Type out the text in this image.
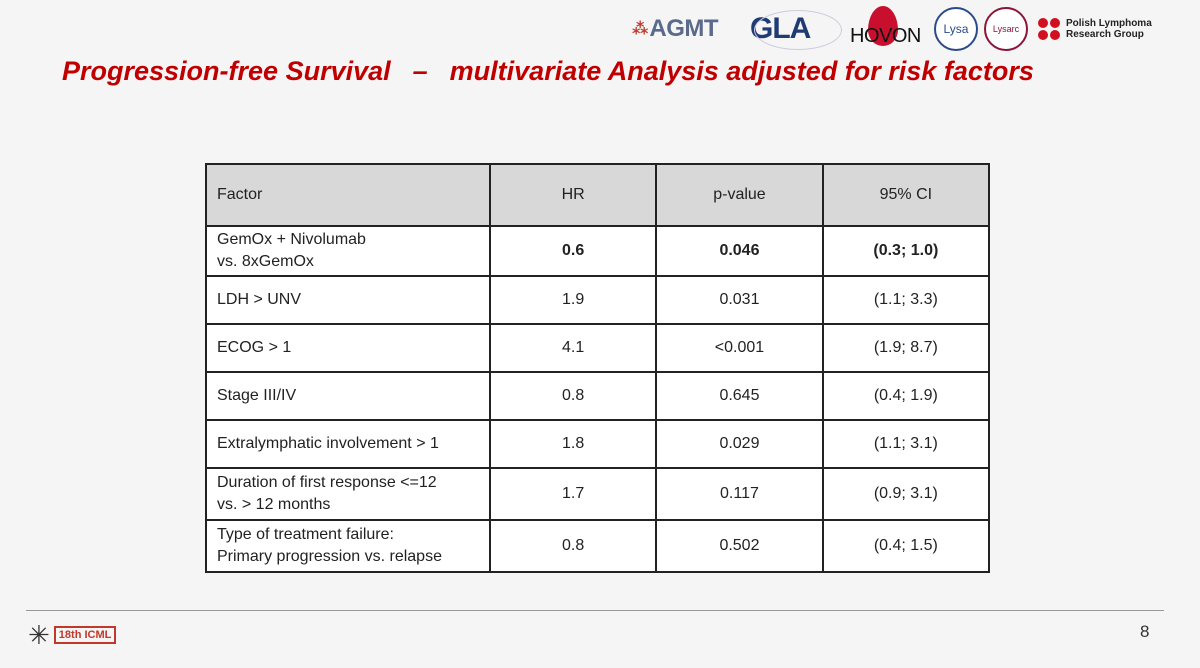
⁂ AGMT GLA HOVON Lysa	Lysarc	Polish Lymphoma Research Group
Progression-free Survival – multivariate Analysis adjusted for risk factors
Factor	HR	p-value	95% CI
GemOx + Nivolumab
vs. 8xGemOx	0.6	0.046	(0.3; 1.0)
LDH > UNV	1.9	0.031	(1.1; 3.3)
ECOG > 1	4.1	<0.001	(1.9; 8.7)
Stage III/IV	0.8	0.645	(0.4; 1.9)
Extralymphatic involvement > 1	1.8	0.029	(1.1; 3.1)
Duration of first response <=12
vs. > 12 months	1.7	0.117	(0.9; 3.1)
Type of treatment failure:
Primary progression vs. relapse	0.8	0.502	(0.4; 1.5)
✳ 18th ICML	8
